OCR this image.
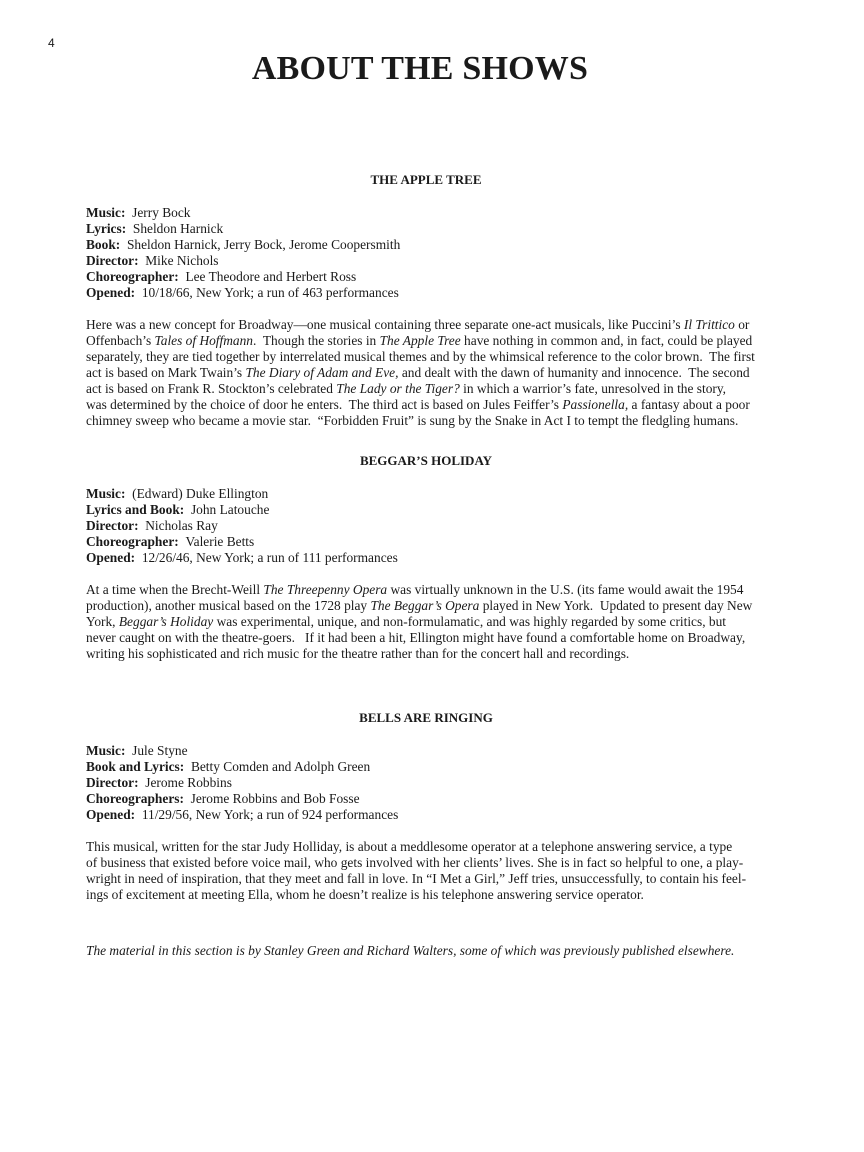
4
ABOUT THE SHOWS
THE APPLE TREE
Music: Jerry Bock
Lyrics: Sheldon Harnick
Book: Sheldon Harnick, Jerry Bock, Jerome Coopersmith
Director: Mike Nichols
Choreographer: Lee Theodore and Herbert Ross
Opened: 10/18/66, New York; a run of 463 performances

Here was a new concept for Broadway—one musical containing three separate one-act musicals, like Puccini’s Il Trittico or
Offenbach’s Tales of Hoffmann.  Though the stories in The Apple Tree have nothing in common and, in fact, could be played
separately, they are tied together by interrelated musical themes and by the whimsical reference to the color brown.  The first
act is based on Mark Twain’s The Diary of Adam and Eve, and dealt with the dawn of humanity and innocence.  The second
act is based on Frank R. Stockton’s celebrated The Lady or the Tiger? in which a warrior’s fate, unresolved in the story,
was determined by the choice of door he enters.  The third act is based on Jules Feiffer’s Passionella, a fantasy about a poor
chimney sweep who became a movie star.  “Forbidden Fruit” is sung by the Snake in Act I to tempt the fledgling humans.

BEGGAR’S HOLIDAY
Music: (Edward) Duke Ellington
Lyrics and Book: John Latouche
Director: Nicholas Ray
Choreographer: Valerie Betts
Opened: 12/26/46, New York; a run of 111 performances

At a time when the Brecht-Weill The Threepenny Opera was virtually unknown in the U.S. (its fame would await the 1954
production), another musical based on the 1728 play The Beggar’s Opera played in New York.  Updated to present day New
York, Beggar’s Holiday was experimental, unique, and non-formulamatic, and was highly regarded by some critics, but
never caught on with the theatre-goers.   If it had been a hit, Ellington might have found a comfortable home on Broadway,
writing his sophisticated and rich music for the theatre rather than for the concert hall and recordings.

BELLS ARE RINGING
Music: Jule Styne
Book and Lyrics: Betty Comden and Adolph Green
Director: Jerome Robbins
Choreographers: Jerome Robbins and Bob Fosse
Opened: 11/29/56, New York; a run of 924 performances

This musical, written for the star Judy Holliday, is about a meddlesome operator at a telephone answering service, a type
of business that existed before voice mail, who gets involved with her clients’ lives. She is in fact so helpful to one, a play-
wright in need of inspiration, that they meet and fall in love. In “I Met a Girl,” Jeff tries, unsuccessfully, to contain his feel-
ings of excitement at meeting Ella, whom he doesn’t realize is his telephone answering service operator.

The material in this section is by Stanley Green and Richard Walters, some of which was previously published elsewhere.
